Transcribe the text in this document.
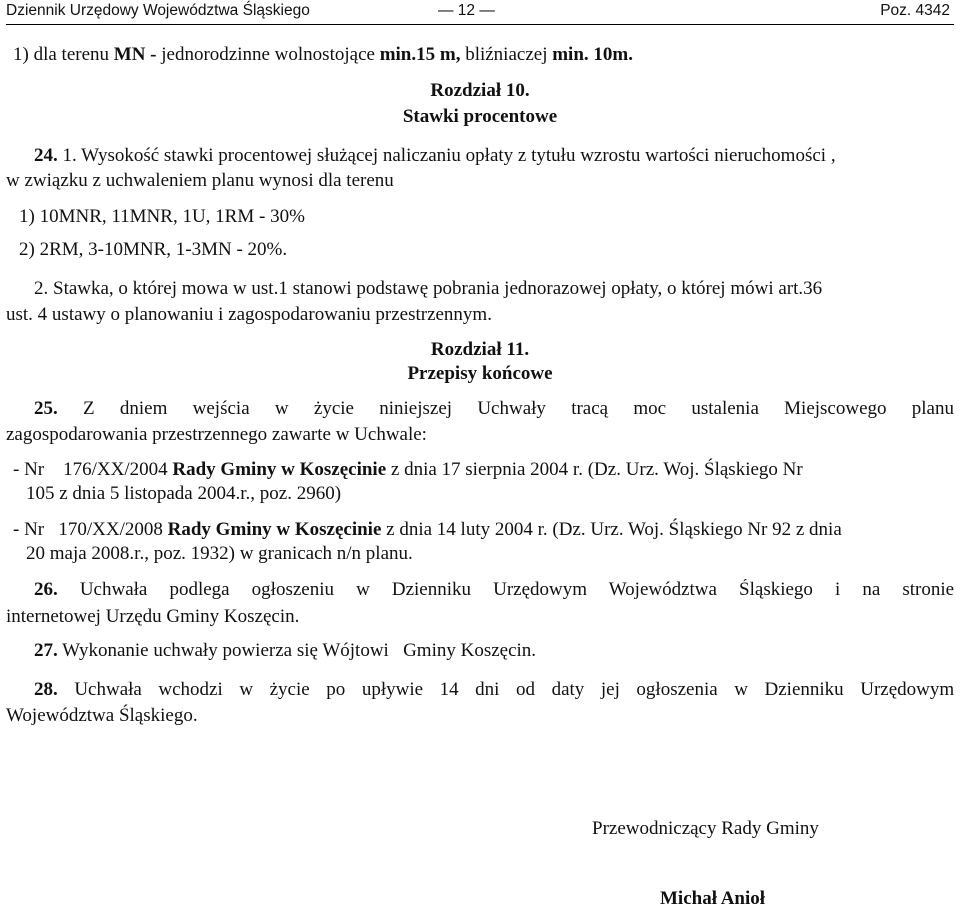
Dziennik Urzędowy Województwa Śląskiego	— 12 —	Poz. 4342
1) dla terenu MN - jednorodzinne wolnostojące min.15 m, bliźniaczej min. 10m.
Rozdział 10.
Stawki procentowe
24. 1. Wysokość stawki procentowej służącej naliczaniu opłaty z tytułu wzrostu wartości nieruchomości ,
w związku z uchwaleniem planu wynosi dla terenu
1) 10MNR, 11MNR, 1U, 1RM - 30%
2) 2RM, 3-10MNR, 1-3MN - 20%.
2. Stawka, o której mowa w ust.1 stanowi podstawę pobrania jednorazowej opłaty, o której mówi art.36
ust. 4 ustawy o planowaniu i zagospodarowaniu przestrzennym.
Rozdział 11.
Przepisy końcowe
25. Z dniem wejścia w życie niniejszej Uchwały tracą moc ustalenia Miejscowego planu
zagospodarowania przestrzennego zawarte w Uchwale:
- Nr    176/XX/2004 Rady Gminy w Koszęcinie z dnia 17 sierpnia 2004 r. (Dz. Urz. Woj. Śląskiego Nr
105 z dnia 5 listopada 2004.r., poz. 2960)
- Nr   170/XX/2008 Rady Gminy w Koszęcinie z dnia 14 luty 2004 r. (Dz. Urz. Woj. Śląskiego Nr 92 z dnia
20 maja 2008.r., poz. 1932) w granicach n/n planu.
26. Uchwała podlega ogłoszeniu w Dzienniku Urzędowym Województwa Śląskiego i na stronie
internetowej Urzędu Gminy Koszęcin.
27. Wykonanie uchwały powierza się Wójtowi   Gminy Koszęcin.
28. Uchwała wchodzi w życie po upływie 14 dni od daty jej ogłoszenia w Dzienniku Urzędowym
Województwa Śląskiego.
Przewodniczący Rady Gminy
Michał Anioł
